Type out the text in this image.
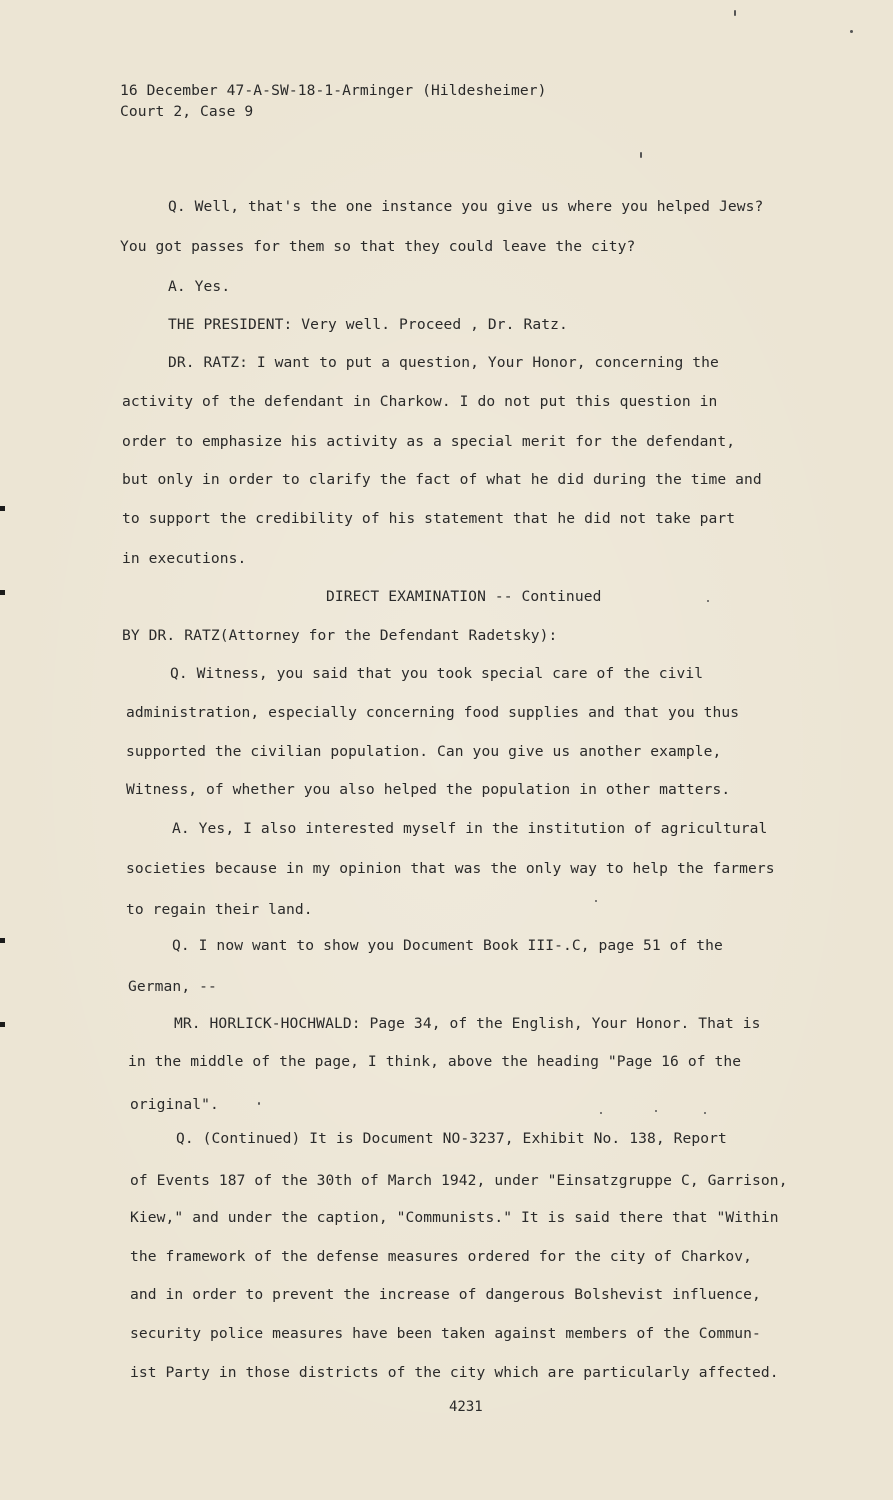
16 December 47-A-SW-18-1-Arminger (Hildesheimer)
Court 2, Case 9
Q. Well, that's the one instance you give us where you helped Jews?
You got passes for them so that they could leave the city?
A. Yes.
THE PRESIDENT: Very well. Proceed , Dr. Ratz.
DR. RATZ: I want to put a question, Your Honor, concerning the
activity of the defendant in Charkow. I do not put this question in
order to emphasize his activity as a special merit for the defendant,
but only in order to clarify the fact of what he did during the time and
to support the credibility of his statement that he did not take part
in executions.
DIRECT EXAMINATION -- Continued
BY DR. RATZ(Attorney for the Defendant Radetsky):
Q. Witness, you said that you took special care of the civil
administration, especially concerning food supplies and that you thus
supported the civilian population. Can you give us another example,
Witness, of whether you also helped the population in other matters.
A. Yes, I also interested myself in the institution of agricultural
societies because in my opinion that was the only way to help the farmers
to regain their land.
Q. I now want to show you Document Book III-.C, page 51 of the
German, --
MR. HORLICK-HOCHWALD: Page 34, of the English, Your Honor. That is
in the middle of the page, I think, above the heading "Page 16 of the
original".
Q. (Continued) It is Document NO-3237, Exhibit No. 138, Report
of Events 187 of the 30th of March 1942, under "Einsatzgruppe C, Garrison,
Kiew," and under the caption, "Communists." It is said there that "Within
the framework of the defense measures ordered for the city of Charkov,
and in order to prevent the increase of dangerous Bolshevist influence,
security police measures have been taken against members of the Commun-
ist Party in those districts of the city which are particularly affected.
4231
